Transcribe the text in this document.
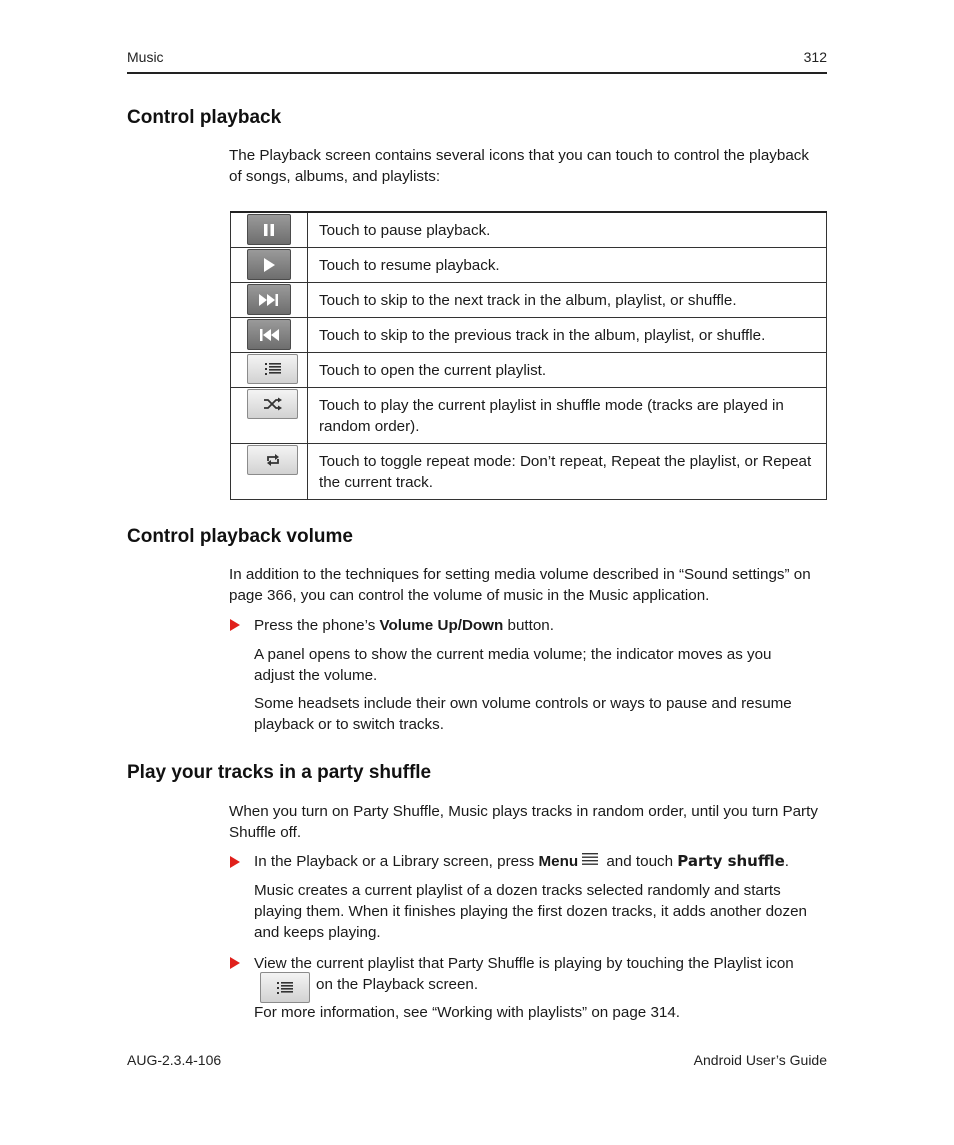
Music	312
Control playback
The Playback screen contains several icons that you can touch to control the playback of songs, albums, and playlists:
	Touch to pause playback.

	Touch to resume playback.

	Touch to skip to the next track in the album, playlist, or shuffle.

	Touch to skip to the previous track in the album, playlist, or shuffle.

	Touch to open the current playlist.

	Touch to play the current playlist in shuffle mode (tracks are played in random order).

	Touch to toggle repeat mode: Don’t repeat, Repeat the playlist, or Repeat the current track.
Control playback volume
In addition to the techniques for setting media volume described in “Sound settings” on page 366, you can control the volume of music in the Music application.
Press the phone’s Volume Up/Down button.
A panel opens to show the current media volume; the indicator moves as you adjust the volume.
Some headsets include their own volume controls or ways to pause and resume playback or to switch tracks.
Play your tracks in a party shuffle
When you turn on Party Shuffle, Music plays tracks in random order, until you turn Party Shuffle off.
In the Playback or a Library screen, press Menu and touch Party shuffle.
Music creates a current playlist of a dozen tracks selected randomly and starts playing them. When it finishes playing the first dozen tracks, it adds another dozen and keeps playing.
View the current playlist that Party Shuffle is playing by touching the Playlist icon
on the Playback screen.
For more information, see “Working with playlists” on page 314.
AUG-2.3.4-106	Android User’s Guide
